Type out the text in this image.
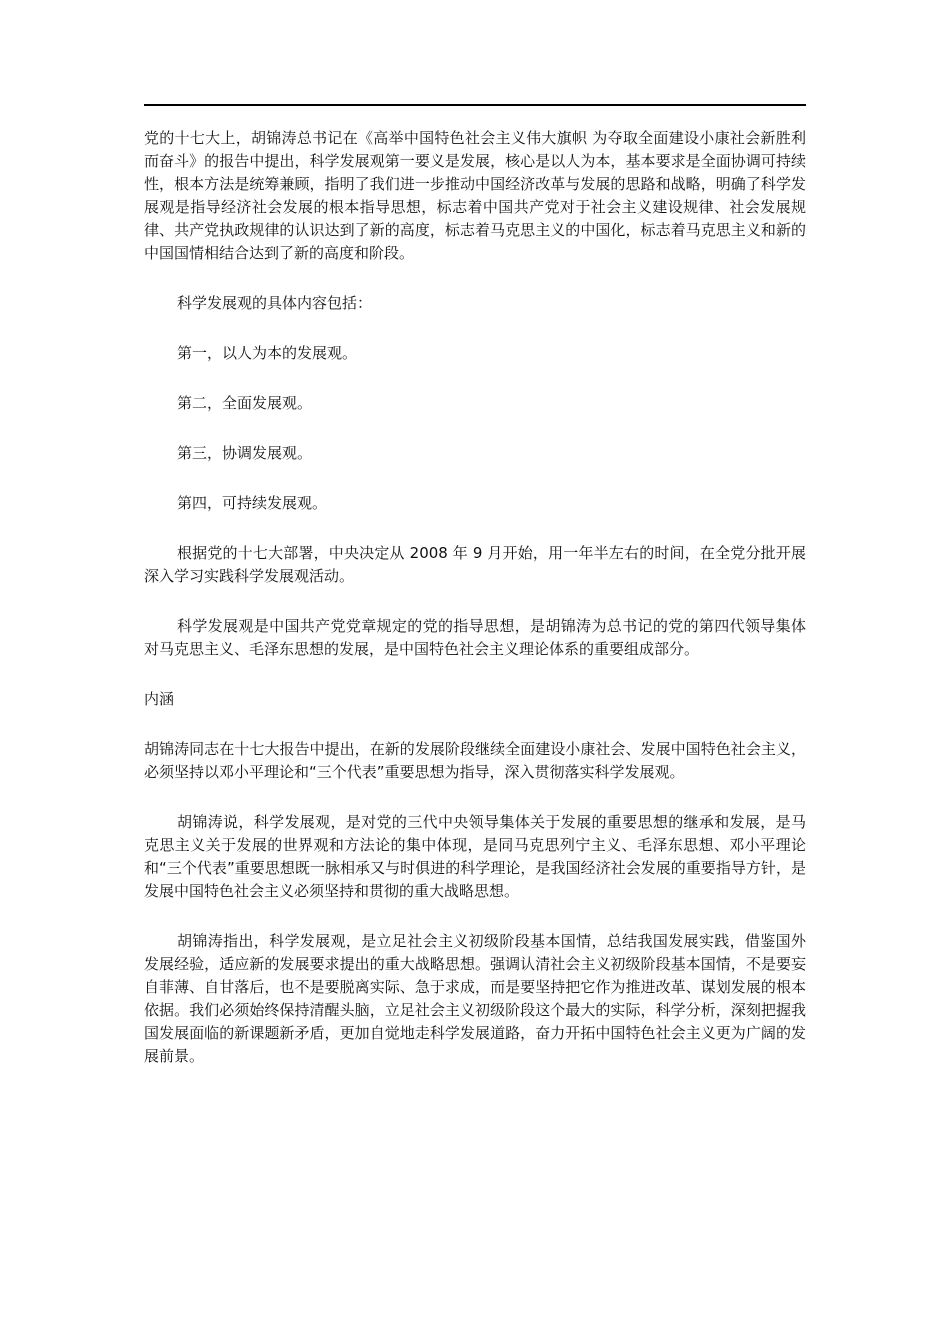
党的十七大上，胡锦涛总书记在《高举中国特色社会主义伟大旗帜 为夺取全面建设小康社会新胜利而奋斗》的报告中提出，科学发展观第一要义是发展，核心是以人为本，基本要求是全面协调可持续性，根本方法是统筹兼顾，指明了我们进一步推动中国经济改革与发展的思路和战略，明确了科学发展观是指导经济社会发展的根本指导思想，标志着中国共产党对于社会主义建设规律、社会发展规律、共产党执政规律的认识达到了新的高度，标志着马克思主义的中国化，标志着马克思主义和新的中国国情相结合达到了新的高度和阶段。

科学发展观的具体内容包括：

第一，以人为本的发展观。

第二，全面发展观。

第三，协调发展观。

第四，可持续发展观。

根据党的十七大部署，中央决定从 2008 年 9 月开始，用一年半左右的时间，在全党分批开展深入学习实践科学发展观活动。

科学发展观是中国共产党党章规定的党的指导思想，是胡锦涛为总书记的党的第四代领导集体对马克思主义、毛泽东思想的发展，是中国特色社会主义理论体系的重要组成部分。

内涵

胡锦涛同志在十七大报告中提出，在新的发展阶段继续全面建设小康社会、发展中国特色社会主义，必须坚持以邓小平理论和“三个代表”重要思想为指导，深入贯彻落实科学发展观。

胡锦涛说，科学发展观，是对党的三代中央领导集体关于发展的重要思想的继承和发展，是马克思主义关于发展的世界观和方法论的集中体现，是同马克思列宁主义、毛泽东思想、邓小平理论和“三个代表”重要思想既一脉相承又与时俱进的科学理论，是我国经济社会发展的重要指导方针，是发展中国特色社会主义必须坚持和贯彻的重大战略思想。

胡锦涛指出，科学发展观，是立足社会主义初级阶段基本国情，总结我国发展实践，借鉴国外发展经验，适应新的发展要求提出的重大战略思想。强调认清社会主义初级阶段基本国情，不是要妄自菲薄、自甘落后，也不是要脱离实际、急于求成，而是要坚持把它作为推进改革、谋划发展的根本依据。我们必须始终保持清醒头脑，立足社会主义初级阶段这个最大的实际，科学分析，深刻把握我国发展面临的新课题新矛盾，更加自觉地走科学发展道路，奋力开拓中国特色社会主义更为广阔的发展前景。
